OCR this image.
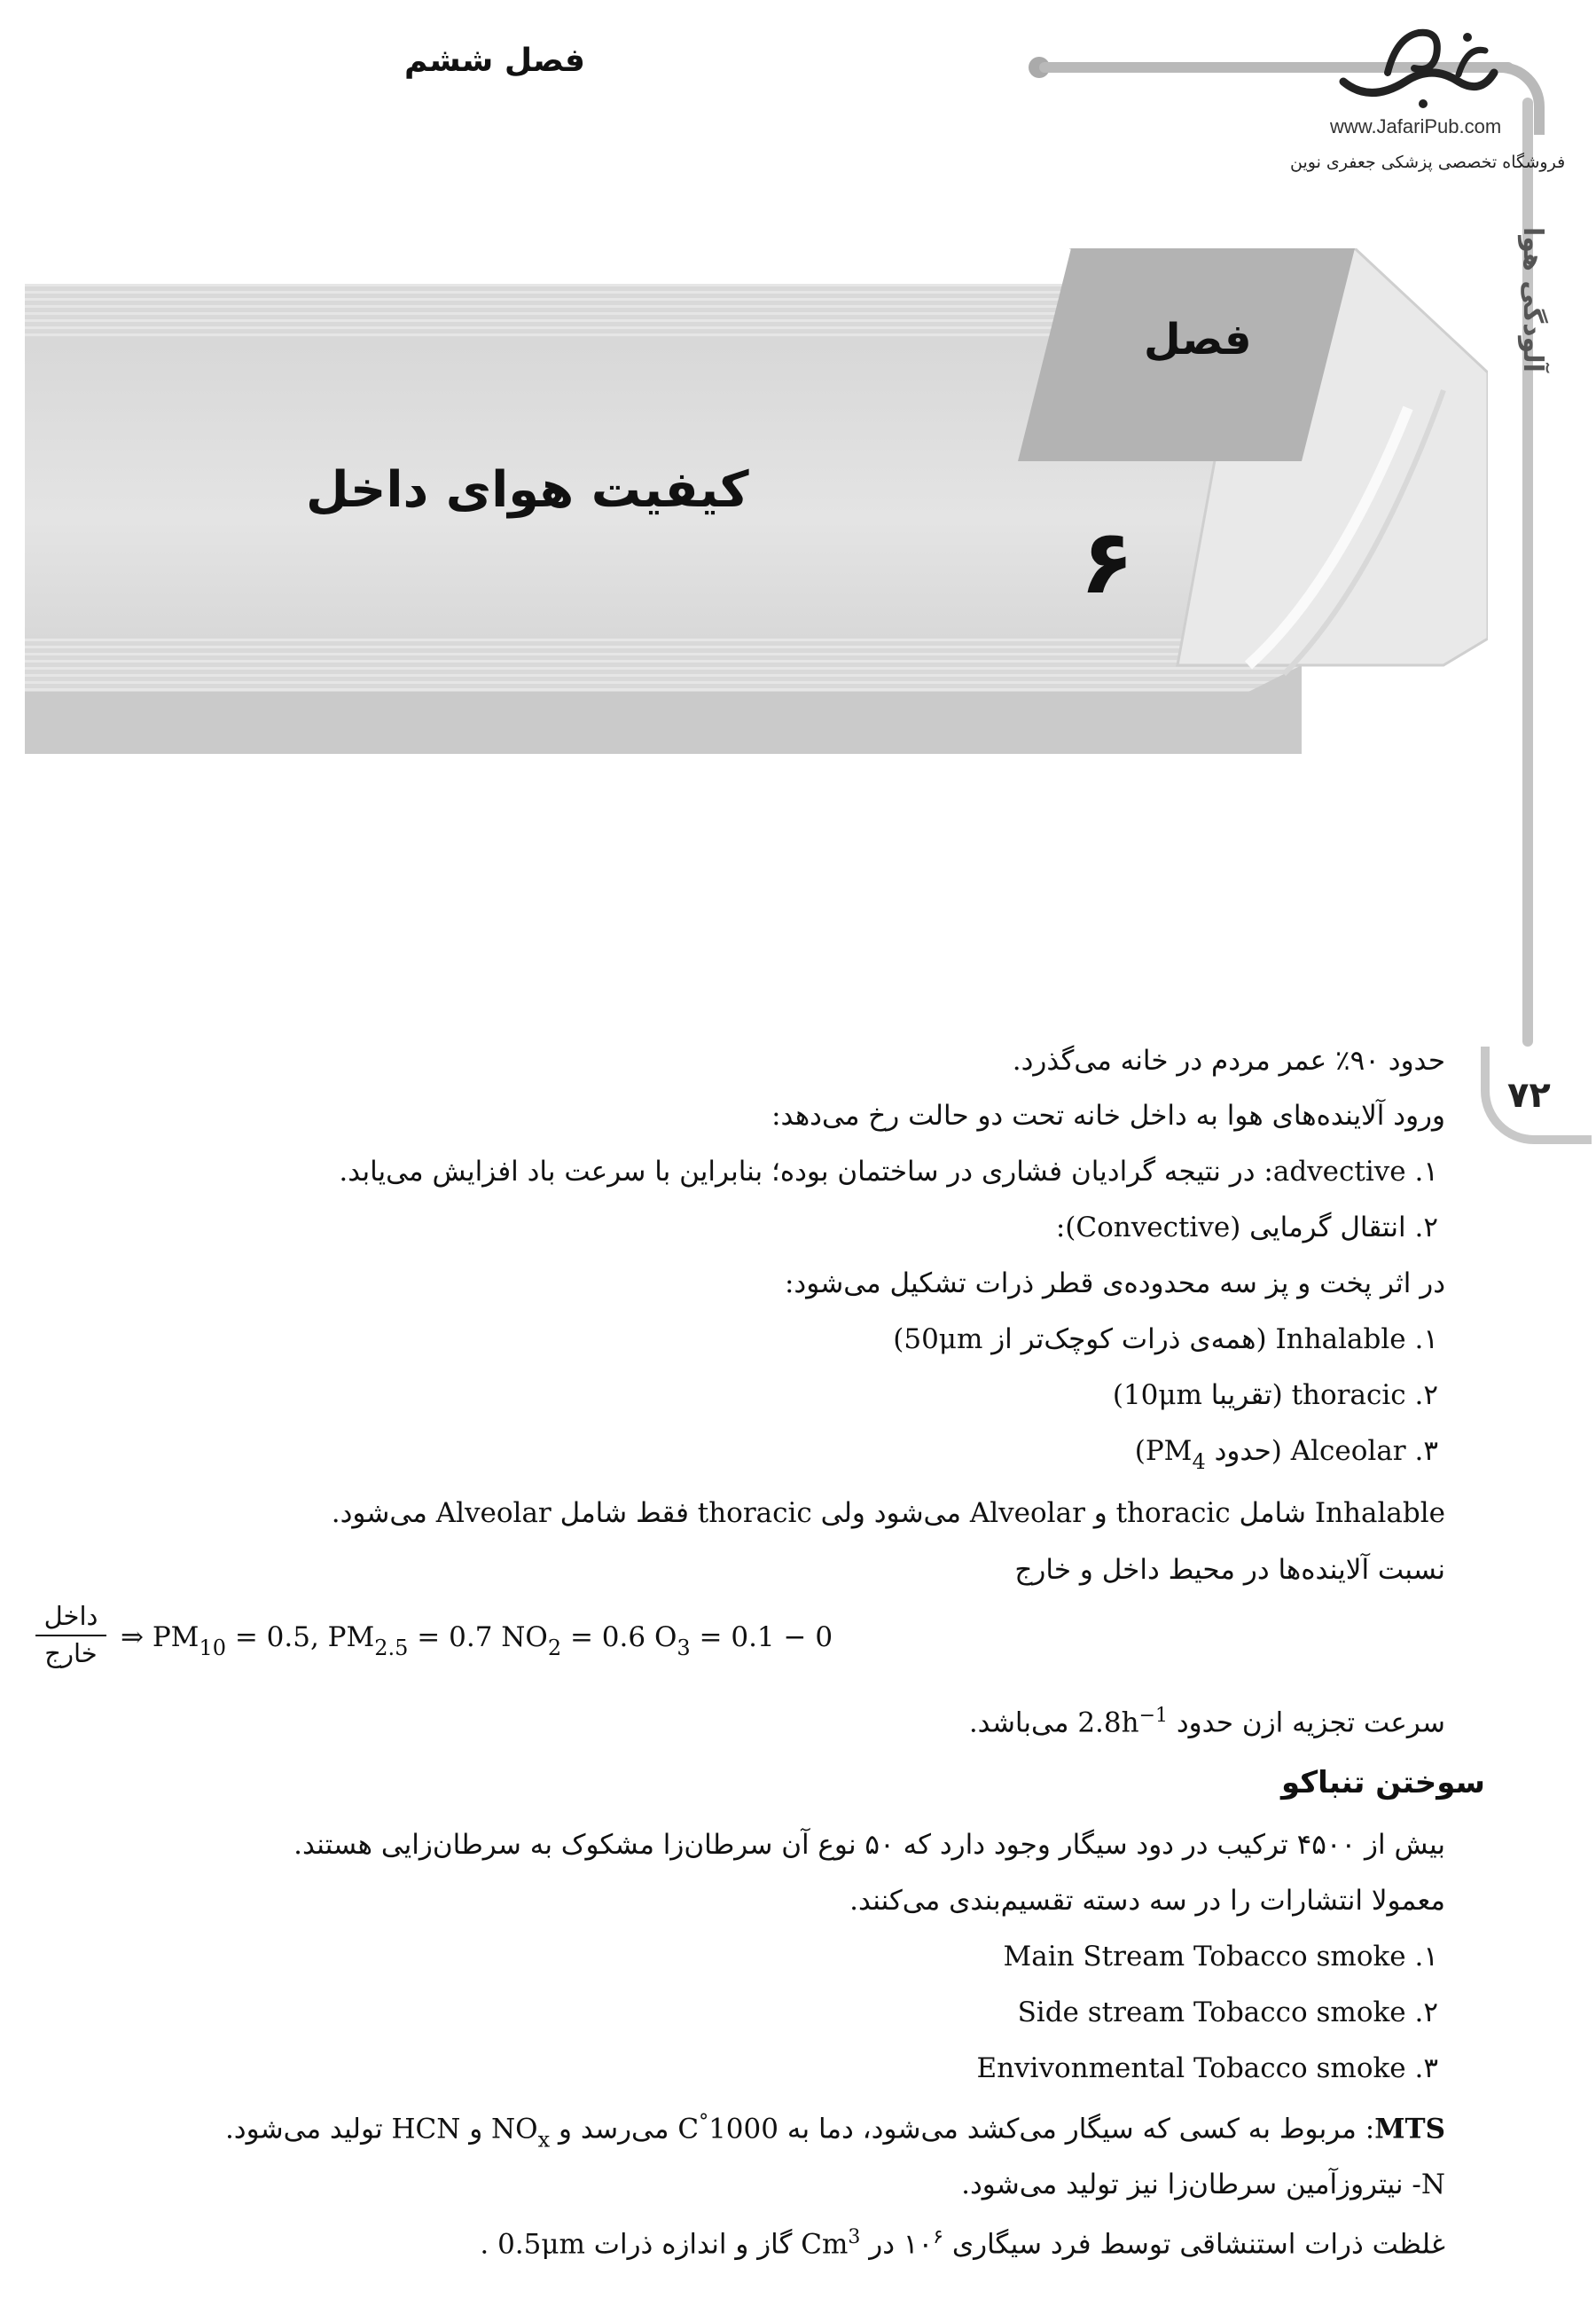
فصل ششم
www.JafariPub.com
فروشگاه تخصصی پزشکی جعفری نوین
آلودگی هوا
۷۲
فصل
۶
کیفیت هوای داخل
حدود ۹۰٪ عمر مردم در خانه می‌گذرد.
ورود آلاینده‌های هوا به داخل خانه تحت دو حالت رخ می‌دهد:
۱. advective: در نتیجه گرادیان فشاری در ساختمان بوده؛ بنابراین با سرعت باد افزایش می‌یابد.
۲. انتقال گرمایی (Convective):
در اثر پخت و پز سه محدوده‌ی قطر ذرات تشکیل می‌شود:
۱. Inhalable (همه‌ی ذرات کوچک‌تر از 50μm)
۲. thoracic (تقریبا 10μm)
۳. Alceolar (حدود $PM_4$)
Inhalable شامل thoracic و Alveolar می‌شود ولی thoracic فقط شامل Alveolar می‌شود.
نسبت آلاینده‌ها در محیط داخل و خارج
داخل
خارج ⇒ $PM_{10} = 0.5$, $PM_{2.5} = 0.7$ $NO_2 = 0.6$ $O_3 = 0.1 - 0$
سرعت تجزیه ازن حدود $2.8h^{-1}$ می‌باشد.
سوختن تنباکو
بیش از ۴۵۰۰ ترکیب در دود سیگار وجود دارد که ۵۰ نوع آن سرطان‌زا مشکوک به سرطان‌زایی هستند.
معمولا انتشارات را در سه دسته تقسیم‌بندی می‌کنند.
۱. Main Stream Tobacco smoke
۲. Side stream Tobacco smoke
۳. Envivonmental Tobacco smoke
MTS: مربوط به کسی که سیگار می‌کشد می‌شود، دما به 1000°C می‌رسد و $NO_x$ و HCN تولید می‌شود.
N- نیتروزآمین سرطان‌زا نیز تولید می‌شود.
غلظت ذرات استنشاقی توسط فرد سیگاری $۱۰^۶$ در Cm$^3$ گاز و اندازه ذرات 0.5μm .
